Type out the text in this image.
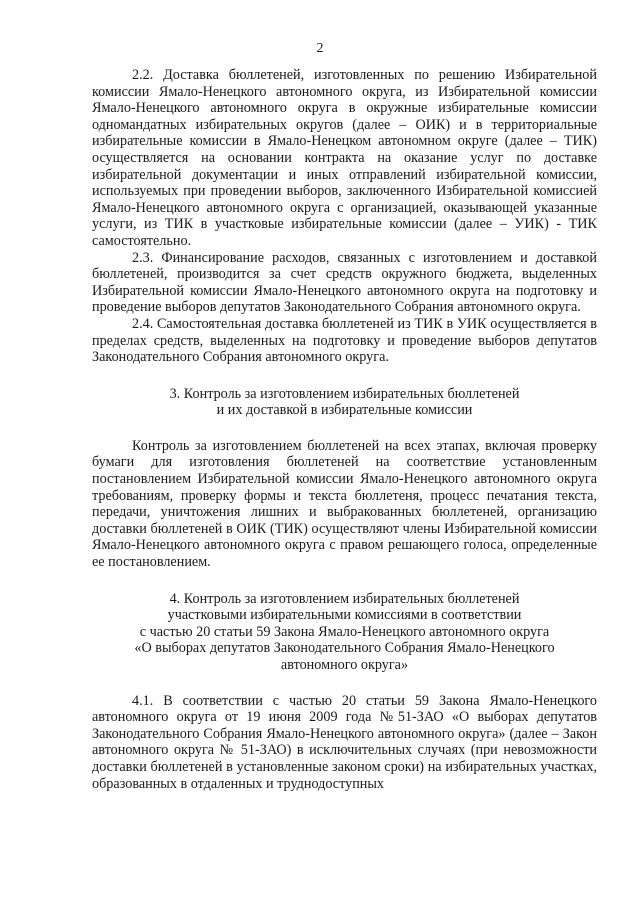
2

2.2. Доставка бюллетеней, изготовленных по решению Избирательной комиссии Ямало-Ненецкого автономного округа, из Избирательной комиссии Ямало-Ненецкого автономного округа в окружные избирательные комиссии одномандатных избирательных округов (далее – ОИК) и в территориальные избирательные комиссии в Ямало-Ненецком автономном округе (далее – ТИК) осуществляется на основании контракта на оказание услуг по доставке избирательной документации и иных отправлений избирательной комиссии, используемых при проведении выборов, заключенного Избирательной комиссией Ямало-Ненецкого автономного округа с организацией, оказывающей указанные услуги, из ТИК в участковые избирательные комиссии (далее – УИК) - ТИК самостоятельно.

2.3. Финансирование расходов, связанных с изготовлением и доставкой бюллетеней, производится за счет средств окружного бюджета, выделенных Избирательной комиссии Ямало-Ненецкого автономного округа на подготовку и проведение выборов депутатов Законодательного Собрания автономного округа.

2.4. Самостоятельная доставка бюллетеней из ТИК в УИК осуществляется в пределах средств, выделенных на подготовку и проведение выборов депутатов Законодательного Собрания автономного округа.

3. Контроль за изготовлением избирательных бюллетеней
и их доставкой в избирательные комиссии

Контроль за изготовлением бюллетеней на всех этапах, включая проверку бумаги для изготовления бюллетеней на соответствие установленным постановлением Избирательной комиссии Ямало-Ненецкого автономного округа требованиям, проверку формы и текста бюллетеня, процесс печатания текста, передачи, уничтожения лишних и выбракованных бюллетеней, организацию доставки бюллетеней в ОИК (ТИК) осуществляют члены Избирательной комиссии Ямало-Ненецкого автономного округа с правом решающего голоса, определенные ее постановлением.

4. Контроль за изготовлением избирательных бюллетеней
участковыми избирательными комиссиями в соответствии
с частью 20 статьи 59 Закона Ямало-Ненецкого автономного округа
«О выборах депутатов Законодательного Собрания Ямало-Ненецкого
автономного округа»

4.1. В соответствии с частью 20 статьи 59 Закона Ямало-Ненецкого автономного округа от 19 июня 2009 года №51-ЗАО «О выборах депутатов Законодательного Собрания Ямало-Ненецкого автономного округа» (далее – Закон автономного округа № 51-ЗАО) в исключительных случаях (при невозможности доставки бюллетеней в установленные законом сроки) на избирательных участках, образованных в отдаленных и труднодоступных
